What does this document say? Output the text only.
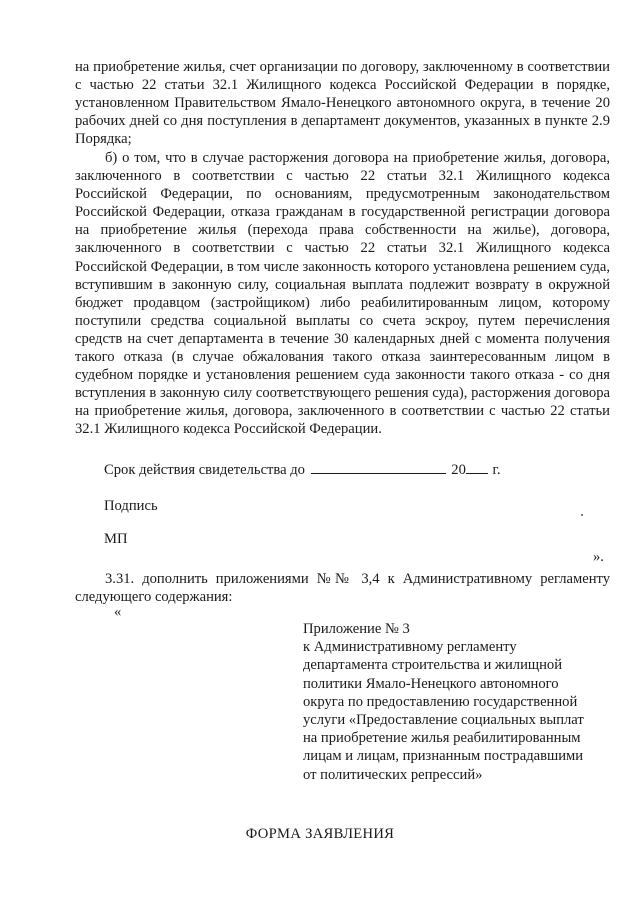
на приобретение жилья, счет организации по договору, заключенному в соответствии с частью 22 статьи 32.1 Жилищного кодекса Российской Федерации в порядке, установленном Правительством Ямало-Ненецкого автономного округа, в течение 20 рабочих дней со дня поступления в департамент документов, указанных в пункте 2.9 Порядка;

б) о том, что в случае расторжения договора на приобретение жилья, договора, заключенного в соответствии с частью 22 статьи 32.1 Жилищного кодекса Российской Федерации, по основаниям, предусмотренным законодательством Российской Федерации, отказа гражданам в государственной регистрации договора на приобретение жилья (перехода права собственности на жилье), договора, заключенного в соответствии с частью 22 статьи 32.1 Жилищного кодекса Российской Федерации, в том числе законность которого установлена решением суда, вступившим в законную силу, социальная выплата подлежит возврату в окружной бюджет продавцом (застройщиком) либо реабилитированным лицом, которому поступили средства социальной выплаты со счета эскроу, путем перечисления средств на счет департамента в течение 30 календарных дней с момента получения такого отказа (в случае обжалования такого отказа заинтересованным лицом в судебном порядке и установления решением суда законности такого отказа - со дня вступления в законную силу соответствующего решения суда), расторжения договора на приобретение жилья, договора, заключенного в соответствии с частью 22 статьи 32.1 Жилищного кодекса Российской Федерации.

Срок действия свидетельства до	20 г.
Подпись
МП
».

3.31. дополнить приложениями №№ 3,4 к Административному регламенту следующего содержания:

«
Приложение № 3
к Административному регламенту
департамента строительства и жилищной
политики Ямало-Ненецкого автономного
округа по предоставлению государственной
услуги «Предоставление социальных выплат
на приобретение жилья реабилитированным
лицам и лицам, признанным пострадавшими
от политических репрессий»
ФОРМА ЗАЯВЛЕНИЯ
